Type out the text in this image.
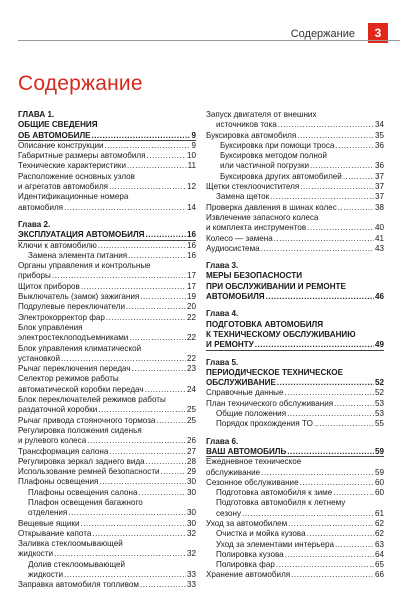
Содержание	3
Содержание
ГЛАВА 1.
ОБЩИЕ СВЕДЕНИЯ
ОБ АВТОМОБИЛЕ .....	9
Описание конструкции .....	9
Габаритные размеры автомобиля .....	10
Технические характеристики .....	11
Расположение основных узлов
и агрегатов автомобиля .....	12
Идентификационные номера
автомобиля .....	14
Глава 2.
ЭКСПЛУАТАЦИЯ АВТОМОБИЛЯ .....	16
Ключи к автомобилю .....	16
Замена элемента питания .....	16
Органы управления и контрольные
приборы .....	17
Щиток приборов .....	17
Выключатель (замок) зажигания .....	19
Подрулевые переключатели .....	20
Электрокорректор фар .....	22
Блок управления
электростеклоподъемниками .....	22
Блок управления климатической
установкой .....	22
Рычаг переключения передач .....	23
Селектор режимов работы
автоматической коробки передач .....	24
Блок переключателей режимов работы
раздаточной коробки .....	25
Рычаг привода стояночного тормоза .....	25
Регулировка положения сиденья
и рулевого колеса .....	26
Трансформация салона .....	27
Регулировка зеркал заднего вида .....	28
Использование ремней безопасности .....	29
Плафоны освещения .....	30
Плафоны освещения салона .....	30
Плафон освещения багажного
отделения .....	30
Вещевые ящики .....	30
Открывание капота .....	32
Заливка стеклоомывающей
жидкости .....	32
Долив стеклоомывающей
жидкости .....	33
Заправка автомобиля топливом .....	33
Запуск двигателя от внешних
источников тока .....	34
Буксировка автомобиля .....	35
Буксировка при помощи троса .....	36
Буксировка методом полной
или частичной погрузки .....	36
Буксировка других автомобилей .....	37
Щетки стеклоочистителя .....	37
Замена щеток .....	37
Проверка давления в шинах колес .....	38
Извлечение запасного колеса
и комплекта инструментов .....	40
Колесо — замена .....	41
Аудиосистема .....	43
Глава 3.
МЕРЫ БЕЗОПАСНОСТИ
ПРИ ОБСЛУЖИВАНИИ И РЕМОНТЕ
АВТОМОБИЛЯ .....	46
Глава 4.
ПОДГОТОВКА АВТОМОБИЛЯ
К ТЕХНИЧЕСКОМУ ОБСЛУЖИВАНИЮ
И РЕМОНТУ .....	49
Глава 5.
ПЕРИОДИЧЕСКОЕ ТЕХНИЧЕСКОЕ
ОБСЛУЖИВАНИЕ .....	52
Справочные данные .....	52
План технического обслуживания .....	53
Общие положения .....	53
Порядок прохождения ТО .....	55
Глава 6.
ВАШ АВТОМОБИЛЬ .....	59
Ежедневное техническое
обслуживание .....	59
Сезонное обслуживание .....	60
Подготовка автомобиля к зиме .....	60
Подготовка автомобиля к летнему
сезону .....	61
Уход за автомобилем .....	62
Очистка и мойка кузова .....	62
Уход за элементами интерьера .....	63
Полировка кузова .....	64
Полировка фар .....	65
Хранение автомобиля .....	66
